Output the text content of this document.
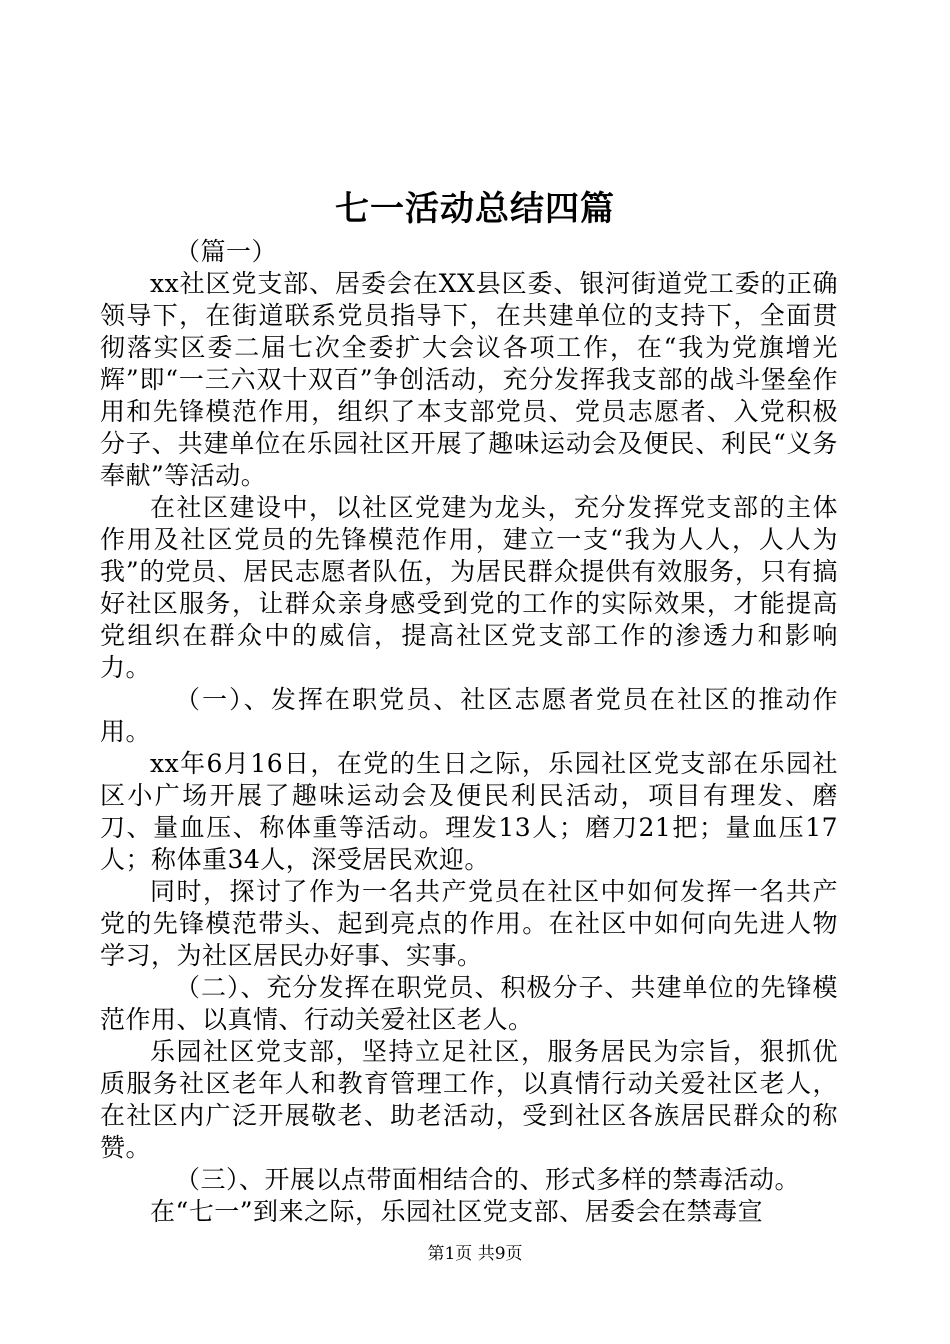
七一活动总结四篇

（篇一）

xx社区党支部、居委会在XX县区委、银河街道党工委的正确领导下，在街道联系党员指导下，在共建单位的支持下，全面贯彻落实区委二届七次全委扩大会议各项工作，在“我为党旗增光辉”即“一三六双十双百”争创活动，充分发挥我支部的战斗堡垒作用和先锋模范作用，组织了本支部党员、党员志愿者、入党积极分子、共建单位在乐园社区开展了趣味运动会及便民、利民“义务奉献”等活动。

在社区建设中，以社区党建为龙头，充分发挥党支部的主体作用及社区党员的先锋模范作用，建立一支“我为人人，人人为我”的党员、居民志愿者队伍，为居民群众提供有效服务，只有搞好社区服务，让群众亲身感受到党的工作的实际效果，才能提高党组织在群众中的威信，提高社区党支部工作的渗透力和影响力。

（一）、发挥在职党员、社区志愿者党员在社区的推动作用。

xx年6月16日，在党的生日之际，乐园社区党支部在乐园社区小广场开展了趣味运动会及便民利民活动，项目有理发、磨刀、量血压、称体重等活动。理发13人；磨刀21把；量血压17人；称体重34人，深受居民欢迎。

同时，探讨了作为一名共产党员在社区中如何发挥一名共产党的先锋模范带头、起到亮点的作用。在社区中如何向先进人物学习，为社区居民办好事、实事。

（二）、充分发挥在职党员、积极分子、共建单位的先锋模范作用、以真情、行动关爱社区老人。

乐园社区党支部，坚持立足社区，服务居民为宗旨，狠抓优质服务社区老年人和教育管理工作，以真情行动关爱社区老人，在社区内广泛开展敬老、助老活动，受到社区各族居民群众的称赞。

（三）、开展以点带面相结合的、形式多样的禁毒活动。

在“七一”到来之际，乐园社区党支部、居委会在禁毒宣

第1页 共9页
